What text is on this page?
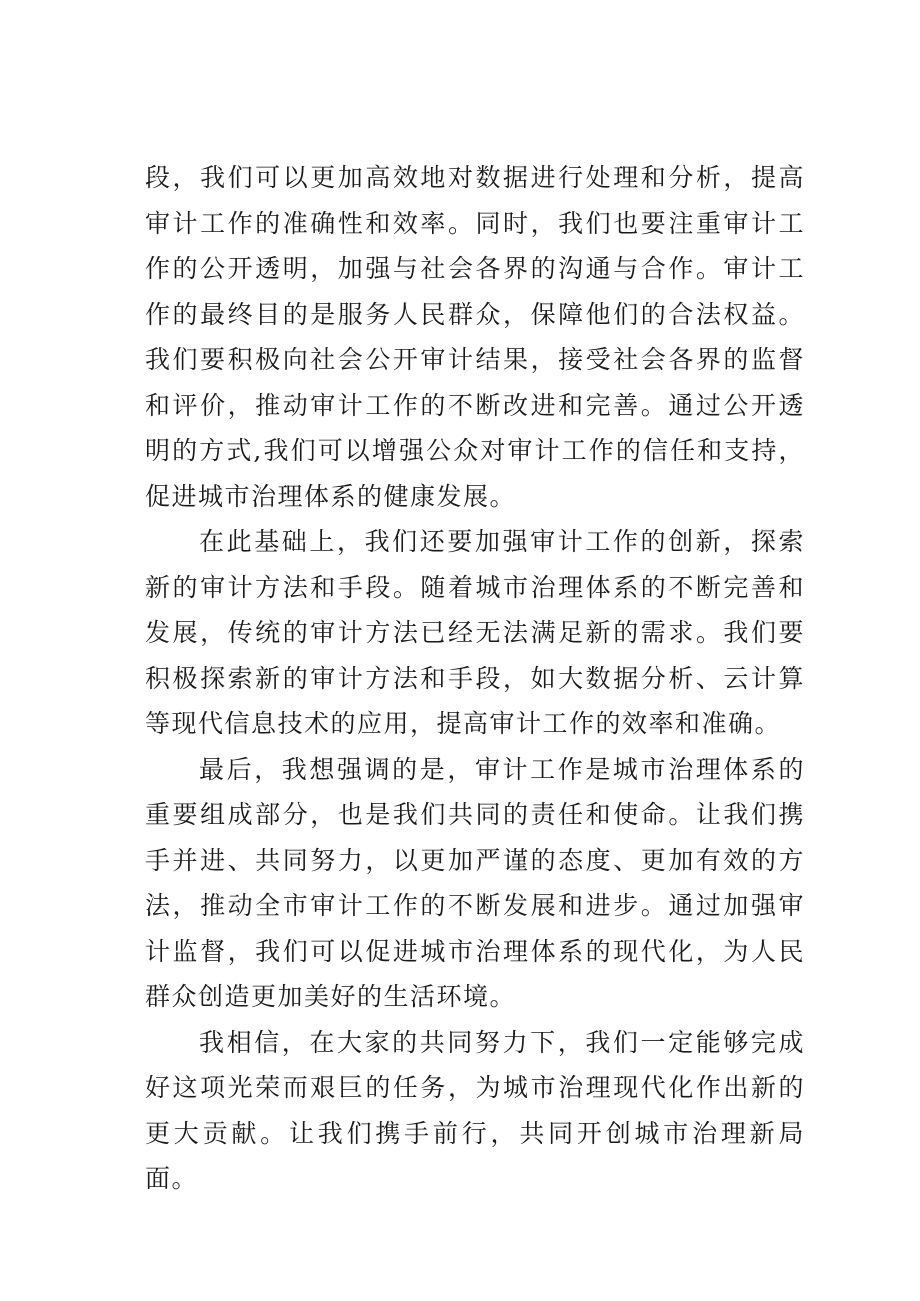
段，我们可以更加高效地对数据进行处理和分析，提高审计工作的准确性和效率。同时，我们也要注重审计工作的公开透明，加强与社会各界的沟通与合作。审计工作的最终目的是服务人民群众，保障他们的合法权益。我们要积极向社会公开审计结果，接受社会各界的监督和评价，推动审计工作的不断改进和完善。通过公开透明的方式,我们可以增强公众对审计工作的信任和支持，促进城市治理体系的健康发展。

在此基础上，我们还要加强审计工作的创新，探索新的审计方法和手段。随着城市治理体系的不断完善和发展，传统的审计方法已经无法满足新的需求。我们要积极探索新的审计方法和手段，如大数据分析、云计算等现代信息技术的应用，提高审计工作的效率和准确。

最后，我想强调的是，审计工作是城市治理体系的重要组成部分，也是我们共同的责任和使命。让我们携手并进、共同努力，以更加严谨的态度、更加有效的方法，推动全市审计工作的不断发展和进步。通过加强审计监督，我们可以促进城市治理体系的现代化，为人民群众创造更加美好的生活环境。

我相信，在大家的共同努力下，我们一定能够完成好这项光荣而艰巨的任务，为城市治理现代化作出新的更大贡献。让我们携手前行，共同开创城市治理新局面。
